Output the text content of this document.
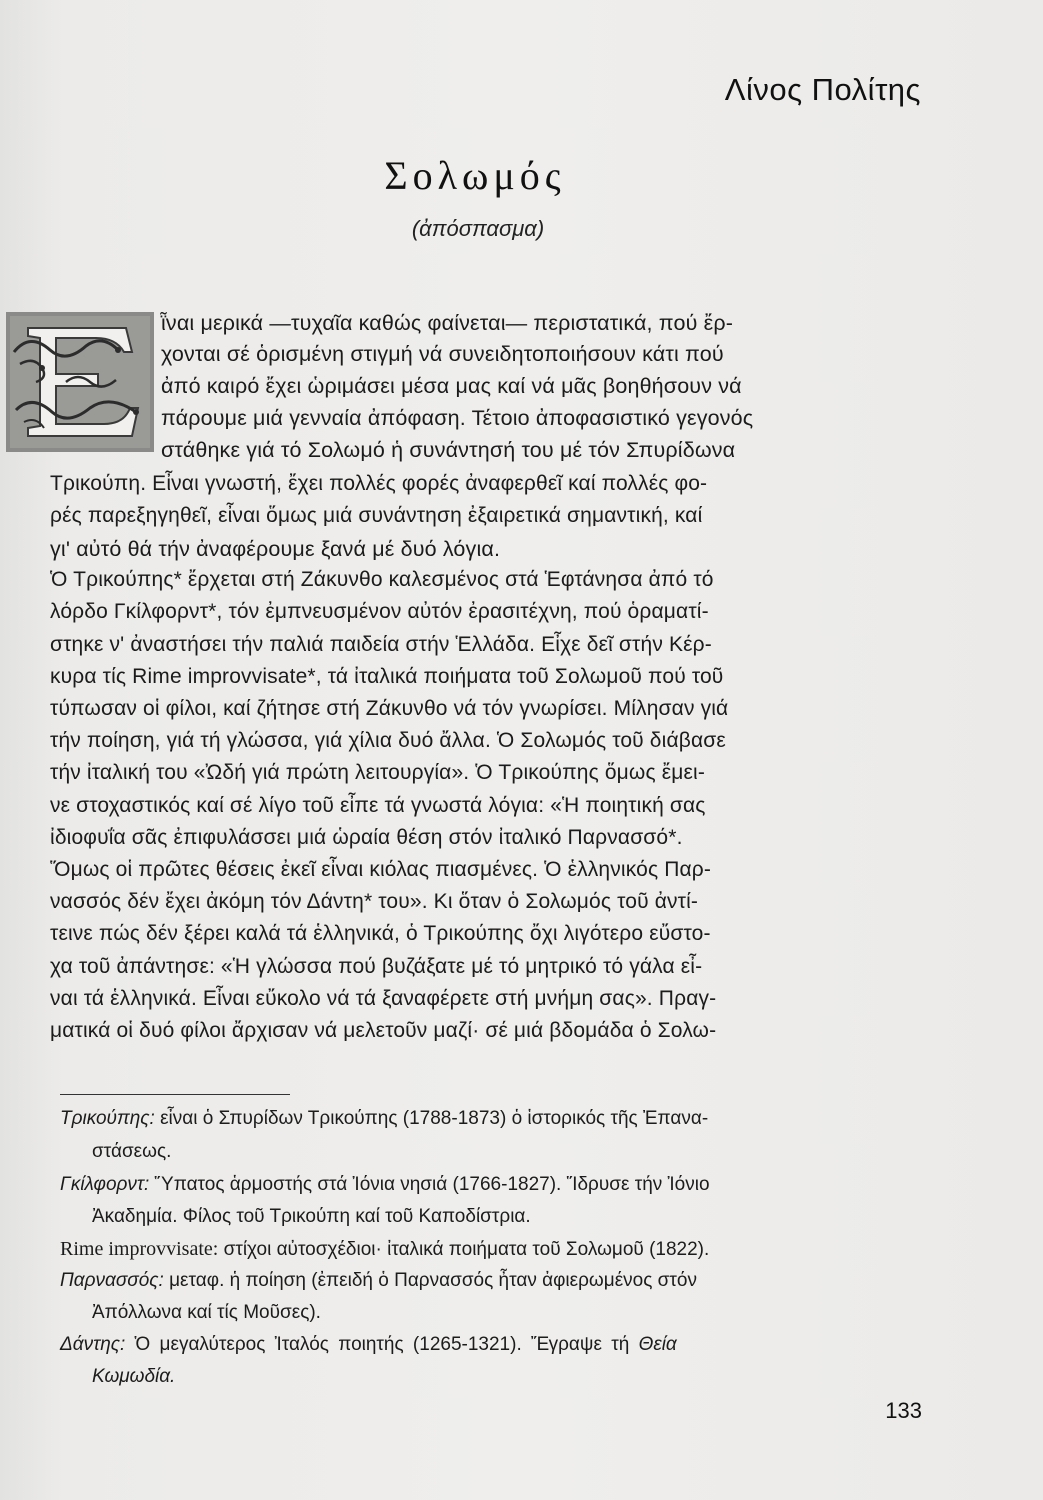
Λίνος Πολίτης
Σολωμός
(ἀπόσπασμα)
ῗναι μερικά —τυχαῖα καθώς φαίνεται— περιστατικά, πού ἔρ-
χονται σέ ὁρισμένη στιγμή νά συνειδητοποιήσουν κάτι πού
ἀπό καιρό ἔχει ὡριμάσει μέσα μας καί νά μᾶς βοηθήσουν νά
πάρουμε μιά γενναία ἀπόφαση. Τέτοιο ἀποφασιστικό γεγονός
στάθηκε γιά τό Σολωμό ἡ συνάντησή του μέ τόν Σπυρίδωνα
Τρικούπη. Εἶναι γνωστή, ἔχει πολλές φορές ἀναφερθεῖ καί πολλές φο-
ρές παρεξηγηθεῖ, εἶναι ὅμως μιά συνάντηση ἐξαιρετικά σημαντική, καί
γι' αὐτό θά τήν ἀναφέρουμε ξανά μέ δυό λόγια.
Ὁ Τρικούπης* ἔρχεται στή Ζάκυνθο καλεσμένος στά Ἑφτάνησα ἀπό τό
λόρδο Γκίλφορντ*, τόν ἐμπνευσμένον αὐτόν ἐρασιτέχνη, πού ὁραματί-
στηκε ν' ἀναστήσει τήν παλιά παιδεία στήν Ἑλλάδα. Εἶχε δεῖ στήν Κέρ-
κυρα τίς Rime improvvisate*, τά ἰταλικά ποιήματα τοῦ Σολωμοῦ πού τοῦ
τύπωσαν οἱ φίλοι, καί ζήτησε στή Ζάκυνθο νά τόν γνωρίσει. Μίλησαν γιά
τήν ποίηση, γιά τή γλώσσα, γιά χίλια δυό ἄλλα. Ὁ Σολωμός τοῦ διάβασε
τήν ἰταλική του «Ὠδή γιά πρώτη λειτουργία». Ὁ Τρικούπης ὅμως ἔμει-
νε στοχαστικός καί σέ λίγο τοῦ εἶπε τά γνωστά λόγια: «Ἡ ποιητική σας
ἰδιοφυΐα σᾶς ἐπιφυλάσσει μιά ὡραία θέση στόν ἰταλικό Παρνασσό*.
Ὅμως οἱ πρῶτες θέσεις ἐκεῖ εἶναι κιόλας πιασμένες. Ὁ ἑλληνικός Παρ-
νασσός δέν ἔχει ἀκόμη τόν Δάντη* του». Κι ὅταν ὁ Σολωμός τοῦ ἀντί-
τεινε πώς δέν ξέρει καλά τά ἑλληνικά, ὁ Τρικούπης ὄχι λιγότερο εὔστο-
χα τοῦ ἀπάντησε: «Ἡ γλώσσα πού βυζάξατε μέ τό μητρικό τό γάλα εἶ-
ναι τά ἑλληνικά. Εἶναι εὔκολο νά τά ξαναφέρετε στή μνήμη σας». Πραγ-
ματικά οἱ δυό φίλοι ἄρχισαν νά μελετοῦν μαζί· σέ μιά βδομάδα ὁ Σολω-
Τρικούπης: εἶναι ὁ Σπυρίδων Τρικούπης (1788-1873) ὁ ἱστορικός τῆς Ἐπανα-
στάσεως.
Γκίλφορντ: Ὕπατος ἁρμοστής στά Ἰόνια νησιά (1766-1827). Ἵδρυσε τήν Ἰόνιο
Ἀκαδημία. Φίλος τοῦ Τρικούπη καί τοῦ Καποδίστρια.
Rime improvvisate: στίχοι αὐτοσχέδιοι· ἰταλικά ποιήματα τοῦ Σολωμοῦ (1822).
Παρνασσός: μεταφ. ἡ ποίηση (ἐπειδή ὁ Παρνασσός ἦταν ἀφιερωμένος στόν
Ἀπόλλωνα καί τίς Μοῦσες).
Δάντης: Ὁ μεγαλύτερος Ἰταλός ποιητής (1265-1321). Ἔγραψε τή Θεία
Κωμωδία.
133
